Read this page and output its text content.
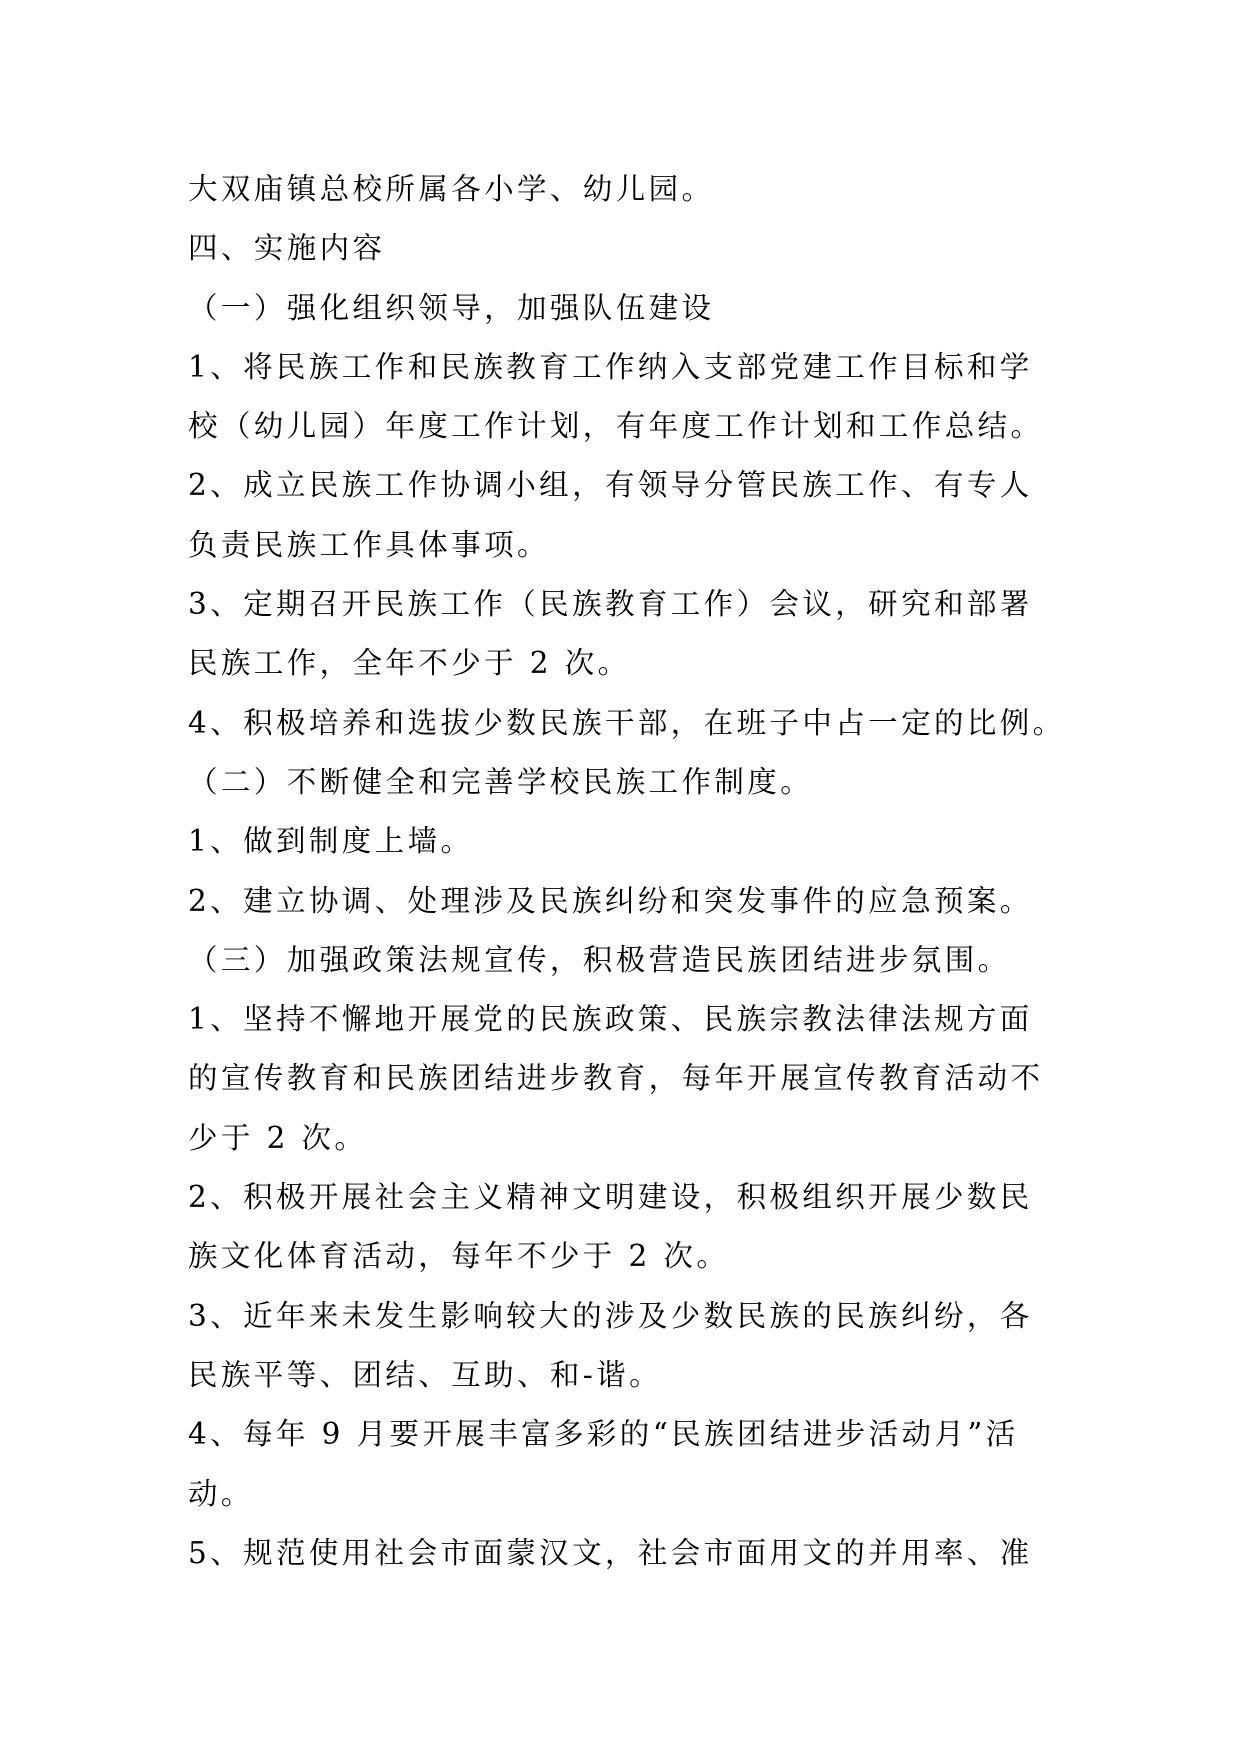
大双庙镇总校所属各小学、幼儿园。
四、实施内容
（一）强化组织领导，加强队伍建设
1、将民族工作和民族教育工作纳入支部党建工作目标和学
校（幼儿园）年度工作计划，有年度工作计划和工作总结。
2、成立民族工作协调小组，有领导分管民族工作、有专人
负责民族工作具体事项。
3、定期召开民族工作（民族教育工作）会议，研究和部署
民族工作，全年不少于 2 次。
4、积极培养和选拔少数民族干部，在班子中占一定的比例。
（二）不断健全和完善学校民族工作制度。
1、做到制度上墙。
2、建立协调、处理涉及民族纠纷和突发事件的应急预案。
（三）加强政策法规宣传，积极营造民族团结进步氛围。
1、坚持不懈地开展党的民族政策、民族宗教法律法规方面
的宣传教育和民族团结进步教育，每年开展宣传教育活动不
少于 2 次。
2、积极开展社会主义精神文明建设，积极组织开展少数民
族文化体育活动，每年不少于 2 次。
3、近年来未发生影响较大的涉及少数民族的民族纠纷，各
民族平等、团结、互助、和-谐。
4、每年 9 月要开展丰富多彩的“民族团结进步活动月”活
动。
5、规范使用社会市面蒙汉文，社会市面用文的并用率、准
